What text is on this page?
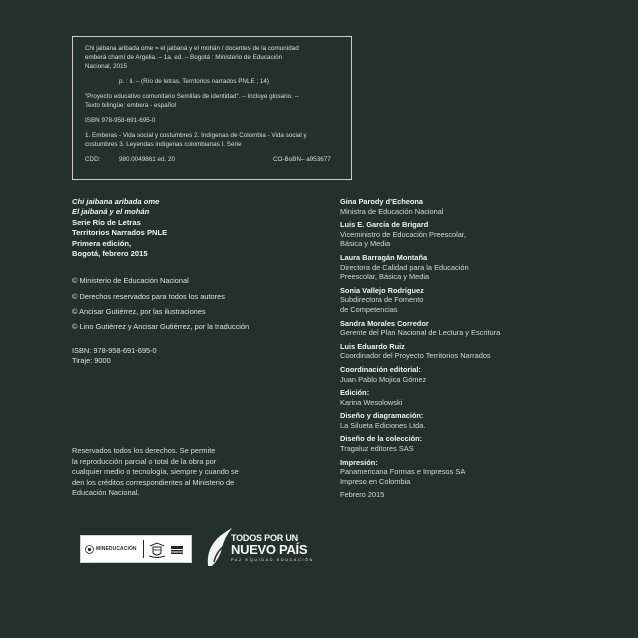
Chi jaibana aribada ome = el jaibaná y el mohán / docentes de la comunidad

emberá chamí de Argelia. – 1a. ed. – Bogotá : Ministerio de Educación

Nacional, 2015

p. : il. – (Río de letras. Territorios narrados PNLE ; 14)

“Proyecto educativo comunitario Semillas de identidad”. – Incluye glosario. --

Texto bilingüe: embera - español

ISBN 978-958-691-695-0

1. Emberas - Vida social y costumbres 2. Indígenas de Colombia - Vida social y

costumbres 3. Leyendas indígenas colombianas I. Serie

CDD:	980.0049861 ed. 20	CO-BoBN– a953677
Chi jaibana aribada ome
El jaibaná y el mohán
Serie Río de Letras
Territorios Narrados PNLE
Primera edición,
Bogotá, febrero 2015
© Ministerio de Educación Nacional
© Derechos reservados para todos los autores
© Ancisar Gutiérrez, por las ilustraciones
© Lino Gutiérrez y Ancisar Gutiérrez, por la traducción
ISBN: 978-958-691-695-0
Tiraje: 9000
Reservados todos los derechos. Se permite
la reproducción parcial o total de la obra por
cualquier medio o tecnología, siempre y cuando se
den los créditos correspondientes al Ministerio de
Educación Nacional.
Gina Parody d’Echeona
Ministra de Educación Nacional
Luis E. García de Brigard
Viceministro de Educación Preescolar,
Básica y Media
Laura Barragán Montaña
Directora de Calidad para la Educación
Preescolar, Básica y Media
Sonia Vallejo Rodríguez
Subdirectora de Fomento
de Competencias
Sandra Morales Corredor
Gerente del Plan Nacional de Lectura y Escritura
Luis Eduardo Ruiz
Coordinador del Proyecto Territorios Narrados
Coordinación editorial:
Juan Pablo Mojica Gómez
Edición:
Karina Wesolowski
Diseño y diagramación:
La Silueta Ediciones Ltda.
Diseño de la colección:
Tragaluz editores SAS
Impresión:
Panamericana Formas e Impresos SA
Impreso en Colombia
Febrero 2015
MINEDUCACIÓN
TODOS POR UN
NUEVO PAÍS
PAZ EQUIDAD EDUCACIÓN
